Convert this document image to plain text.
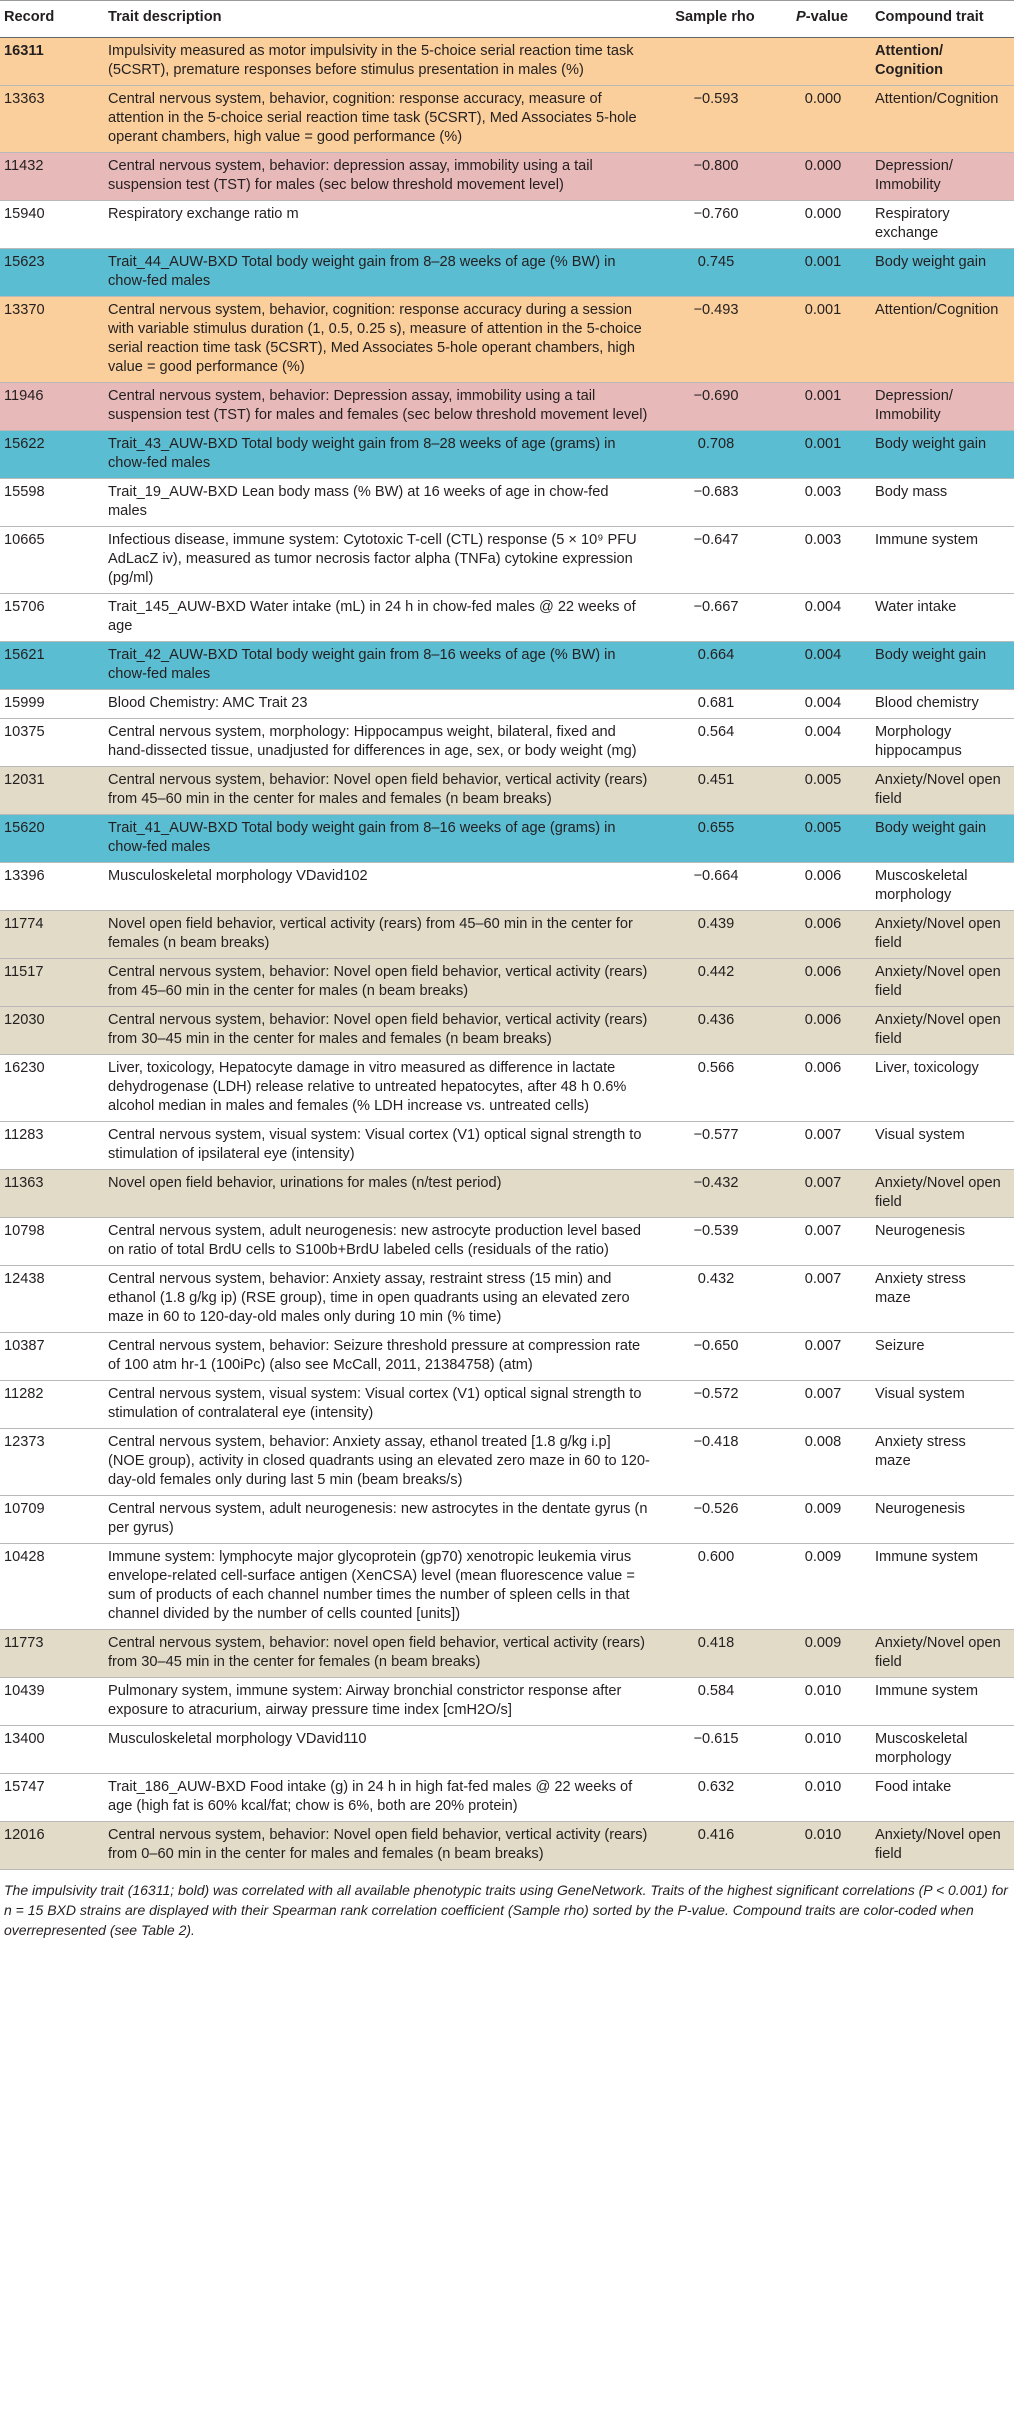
Record	Trait description	Sample rho	P-value	Compound trait
16311	Impulsivity measured as motor impulsivity in the 5-choice serial reaction time task (5CSRT), premature responses before stimulus presentation in males (%)			Attention/
Cognition
13363	Central nervous system, behavior, cognition: response accuracy, measure of attention in the 5-choice serial reaction time task (5CSRT), Med Associates 5-hole operant chambers, high value = good performance (%)	−0.593	0.000	Attention/Cognition
11432	Central nervous system, behavior: depression assay, immobility using a tail suspension test (TST) for males (sec below threshold movement level)	−0.800	0.000	Depression/
Immobility
15940	Respiratory exchange ratio m	−0.760	0.000	Respiratory
exchange
15623	Trait_44_AUW-BXD Total body weight gain from 8–28 weeks of age (% BW) in chow-fed males	0.745	0.001	Body weight gain
13370	Central nervous system, behavior, cognition: response accuracy during a session with variable stimulus duration (1, 0.5, 0.25 s), measure of attention in the 5-choice serial reaction time task (5CSRT), Med Associates 5-hole operant chambers, high value = good performance (%)	−0.493	0.001	Attention/Cognition
11946	Central nervous system, behavior: Depression assay, immobility using a tail suspension test (TST) for males and females (sec below threshold movement level)	−0.690	0.001	Depression/
Immobility
15622	Trait_43_AUW-BXD Total body weight gain from 8–28 weeks of age (grams) in chow-fed males	0.708	0.001	Body weight gain
15598	Trait_19_AUW-BXD Lean body mass (% BW) at 16 weeks of age in chow-fed males	−0.683	0.003	Body mass
10665	Infectious disease, immune system: Cytotoxic T-cell (CTL) response (5 × 10⁹ PFU AdLacZ iv), measured as tumor necrosis factor alpha (TNFa) cytokine expression (pg/ml)	−0.647	0.003	Immune system
15706	Trait_145_AUW-BXD Water intake (mL) in 24 h in chow-fed males @ 22 weeks of age	−0.667	0.004	Water intake
15621	Trait_42_AUW-BXD Total body weight gain from 8–16 weeks of age (% BW) in chow-fed males	0.664	0.004	Body weight gain
15999	Blood Chemistry: AMC Trait 23	0.681	0.004	Blood chemistry
10375	Central nervous system, morphology: Hippocampus weight, bilateral, fixed and hand-dissected tissue, unadjusted for differences in age, sex, or body weight (mg)	0.564	0.004	Morphology
hippocampus
12031	Central nervous system, behavior: Novel open field behavior, vertical activity (rears) from 45–60 min in the center for males and females (n beam breaks)	0.451	0.005	Anxiety/Novel open
field
15620	Trait_41_AUW-BXD Total body weight gain from 8–16 weeks of age (grams) in chow-fed males	0.655	0.005	Body weight gain
13396	Musculoskeletal morphology VDavid102	−0.664	0.006	Muscoskeletal
morphology
11774	Novel open field behavior, vertical activity (rears) from 45–60 min in the center for females (n beam breaks)	0.439	0.006	Anxiety/Novel open
field
11517	Central nervous system, behavior: Novel open field behavior, vertical activity (rears) from 45–60 min in the center for males (n beam breaks)	0.442	0.006	Anxiety/Novel open
field
12030	Central nervous system, behavior: Novel open field behavior, vertical activity (rears) from 30–45 min in the center for males and females (n beam breaks)	0.436	0.006	Anxiety/Novel open
field
16230	Liver, toxicology, Hepatocyte damage in vitro measured as difference in lactate dehydrogenase (LDH) release relative to untreated hepatocytes, after 48 h 0.6% alcohol median in males and females (% LDH increase vs. untreated cells)	0.566	0.006	Liver, toxicology
11283	Central nervous system, visual system: Visual cortex (V1) optical signal strength to stimulation of ipsilateral eye (intensity)	−0.577	0.007	Visual system
11363	Novel open field behavior, urinations for males (n/test period)	−0.432	0.007	Anxiety/Novel open
field
10798	Central nervous system, adult neurogenesis: new astrocyte production level based on ratio of total BrdU cells to S100b+BrdU labeled cells (residuals of the ratio)	−0.539	0.007	Neurogenesis
12438	Central nervous system, behavior: Anxiety assay, restraint stress (15 min) and ethanol (1.8 g/kg ip) (RSE group), time in open quadrants using an elevated zero maze in 60 to 120-day-old males only during 10 min (% time)	0.432	0.007	Anxiety stress
maze
10387	Central nervous system, behavior: Seizure threshold pressure at compression rate of 100 atm hr-1 (100iPc) (also see McCall, 2011, 21384758) (atm)	−0.650	0.007	Seizure
11282	Central nervous system, visual system: Visual cortex (V1) optical signal strength to stimulation of contralateral eye (intensity)	−0.572	0.007	Visual system
12373	Central nervous system, behavior: Anxiety assay, ethanol treated [1.8 g/kg i.p] (NOE group), activity in closed quadrants using an elevated zero maze in 60 to 120-day-old females only during last 5 min (beam breaks/s)	−0.418	0.008	Anxiety stress
maze
10709	Central nervous system, adult neurogenesis: new astrocytes in the dentate gyrus (n per gyrus)	−0.526	0.009	Neurogenesis
10428	Immune system: lymphocyte major glycoprotein (gp70) xenotropic leukemia virus envelope-related cell-surface antigen (XenCSA) level (mean fluorescence value = sum of products of each channel number times the number of spleen cells in that channel divided by the number of cells counted [units])	0.600	0.009	Immune system
11773	Central nervous system, behavior: novel open field behavior, vertical activity (rears) from 30–45 min in the center for females (n beam breaks)	0.418	0.009	Anxiety/Novel open
field
10439	Pulmonary system, immune system: Airway bronchial constrictor response after exposure to atracurium, airway pressure time index [cmH2O/s]	0.584	0.010	Immune system
13400	Musculoskeletal morphology VDavid110	−0.615	0.010	Muscoskeletal
morphology
15747	Trait_186_AUW-BXD Food intake (g) in 24 h in high fat-fed males @ 22 weeks of age (high fat is 60% kcal/fat; chow is 6%, both are 20% protein)	0.632	0.010	Food intake
12016	Central nervous system, behavior: Novel open field behavior, vertical activity (rears) from 0–60 min in the center for males and females (n beam breaks)	0.416	0.010	Anxiety/Novel open
field
The impulsivity trait (16311; bold) was correlated with all available phenotypic traits using GeneNetwork. Traits of the highest significant correlations (P < 0.001) for n = 15 BXD strains are displayed with their Spearman rank correlation coefficient (Sample rho) sorted by the P-value. Compound traits are color-coded when overrepresented (see Table 2).
